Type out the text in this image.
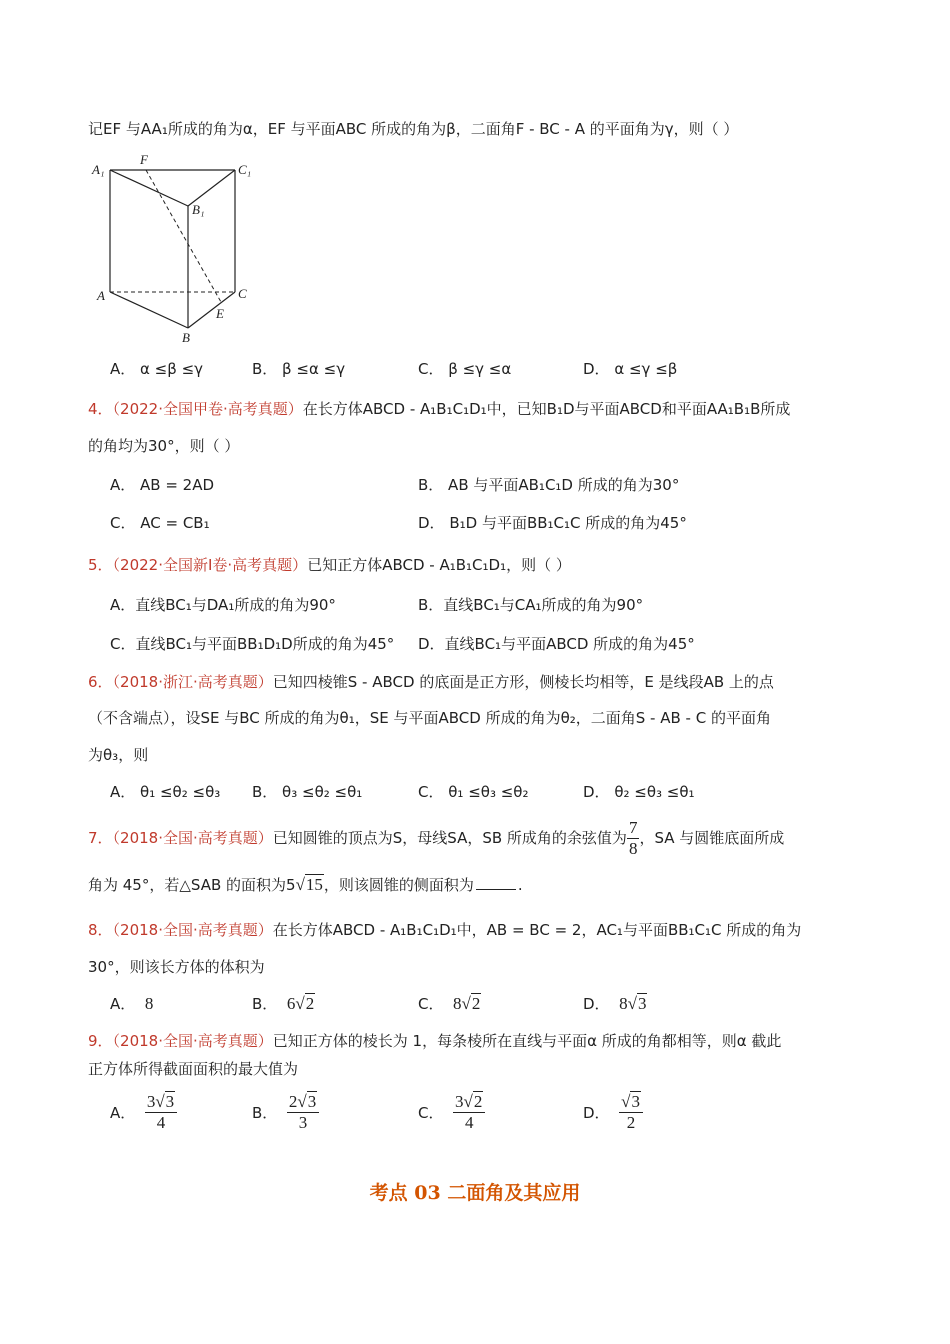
记EF 与AA₁所成的角为α，EF 与平面ABC 所成的角为β，二面角F - BC - A 的平面角为γ，则（ ）
A₁
F
C₁
B₁
A	C
E
B
A． α ≤β ≤γ	B． β ≤α ≤γ	C． β ≤γ ≤α	D． α ≤γ ≤β
4．（2022·全国甲卷·高考真题）在长方体ABCD - A₁B₁C₁D₁中，已知B₁D与平面ABCD和平面AA₁B₁B所成
的角均为30°，则（ ）
A． AB = 2AD	B． AB 与平面AB₁C₁D 所成的角为30°
C． AC = CB₁	D． B₁D 与平面BB₁C₁C 所成的角为45°
5．（2022·全国新Ⅰ卷·高考真题）已知正方体ABCD - A₁B₁C₁D₁，则（ ）
A．直线BC₁与DA₁所成的角为90°	B．直线BC₁与CA₁所成的角为90°
C．直线BC₁与平面BB₁D₁D所成的角为45° D．直线BC₁与平面ABCD 所成的角为45°
6．（2018·浙江·高考真题）已知四棱锥S - ABCD 的底面是正方形，侧棱长均相等，E 是线段AB 上的点
（不含端点），设SE 与BC 所成的角为θ₁，SE 与平面ABCD 所成的角为θ₂，二面角S - AB - C 的平面角
为θ₃，则
A． θ₁ ≤θ₂ ≤θ₃ B． θ₃ ≤θ₂ ≤θ₁	C． θ₁ ≤θ₃ ≤θ₂	D． θ₂ ≤θ₃ ≤θ₁
7．（2018·全国·高考真题）已知圆锥的顶点为S，母线SA，SB 所成角的余弦值为 $\frac{7}{8}$ ，SA 与圆锥底面所成
角为 45°，若△SAB 的面积为5√15，则该圆锥的侧面积为	.
8．（2018·全国·高考真题）在长方体ABCD - A₁B₁C₁D₁中，AB = BC = 2，AC₁与平面BB₁C₁C 所成的角为
30°，则该长方体的体积为
A． 8	B． 6√2	C． 8√2	D． 8√3
9．（2018·全国·高考真题）已知正方体的棱长为 1，每条棱所在直线与平面α 所成的角都相等，则α 截此
正方体所得截面面积的最大值为
A． $\frac{3√3}{4}$	B． $\frac{2√3}{3}$	C． $\frac{3√2}{4}$	D． $\frac{√3}{2}$
考点 03 二面角及其应用
